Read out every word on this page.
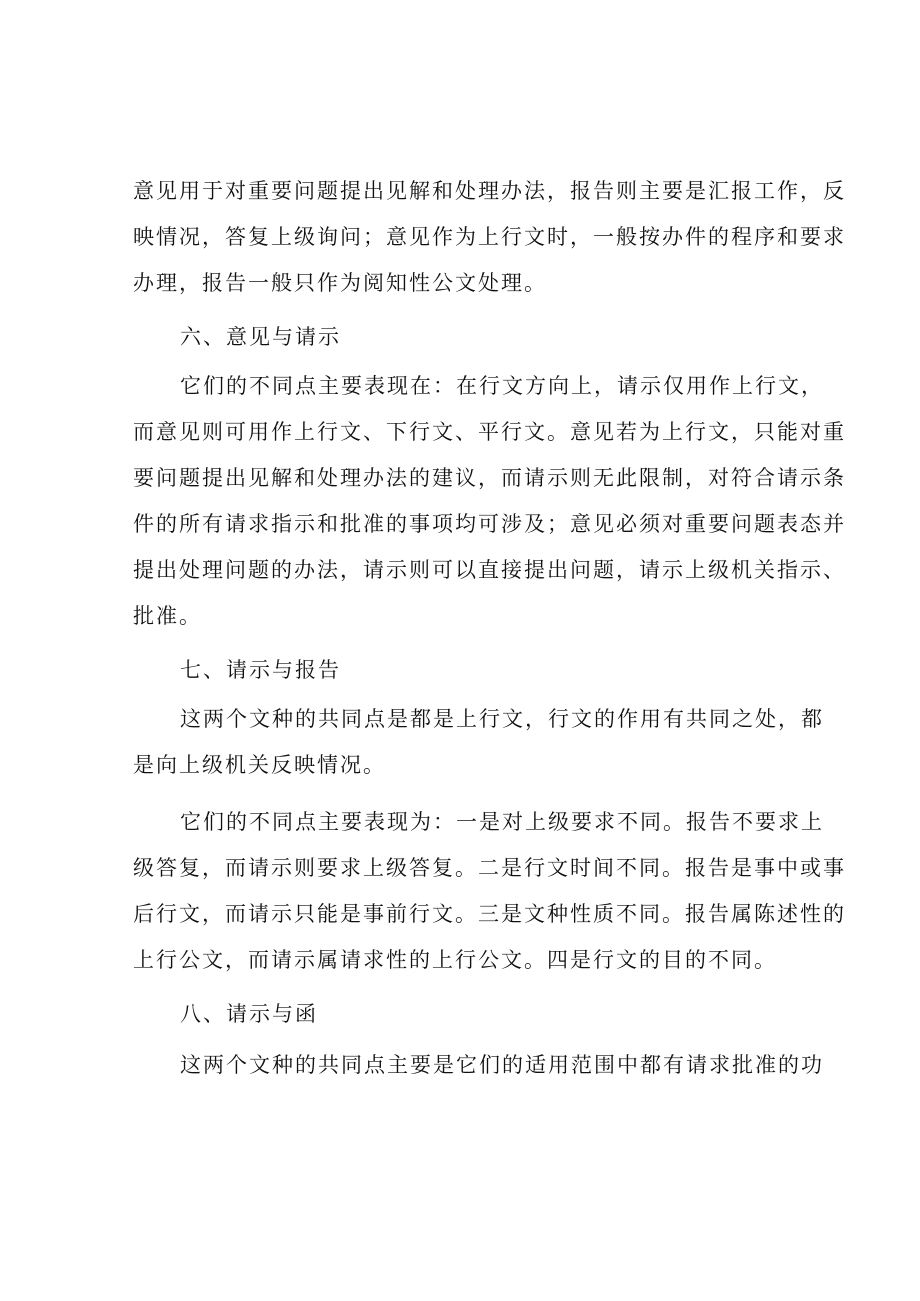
意见用于对重要问题提出见解和处理办法，报告则主要是汇报工作，反
映情况，答复上级询问；意见作为上行文时，一般按办件的程序和要求
办理，报告一般只作为阅知性公文处理。
六、意见与请示
它们的不同点主要表现在：在行文方向上，请示仅用作上行文，
而意见则可用作上行文、下行文、平行文。意见若为上行文，只能对重
要问题提出见解和处理办法的建议，而请示则无此限制，对符合请示条
件的所有请求指示和批准的事项均可涉及；意见必须对重要问题表态并
提出处理问题的办法，请示则可以直接提出问题，请示上级机关指示、
批准。
七、请示与报告
这两个文种的共同点是都是上行文，行文的作用有共同之处，都
是向上级机关反映情况。
它们的不同点主要表现为：一是对上级要求不同。报告不要求上
级答复，而请示则要求上级答复。二是行文时间不同。报告是事中或事
后行文，而请示只能是事前行文。三是文种性质不同。报告属陈述性的
上行公文，而请示属请求性的上行公文。四是行文的目的不同。
八、请示与函
这两个文种的共同点主要是它们的适用范围中都有请求批准的功
